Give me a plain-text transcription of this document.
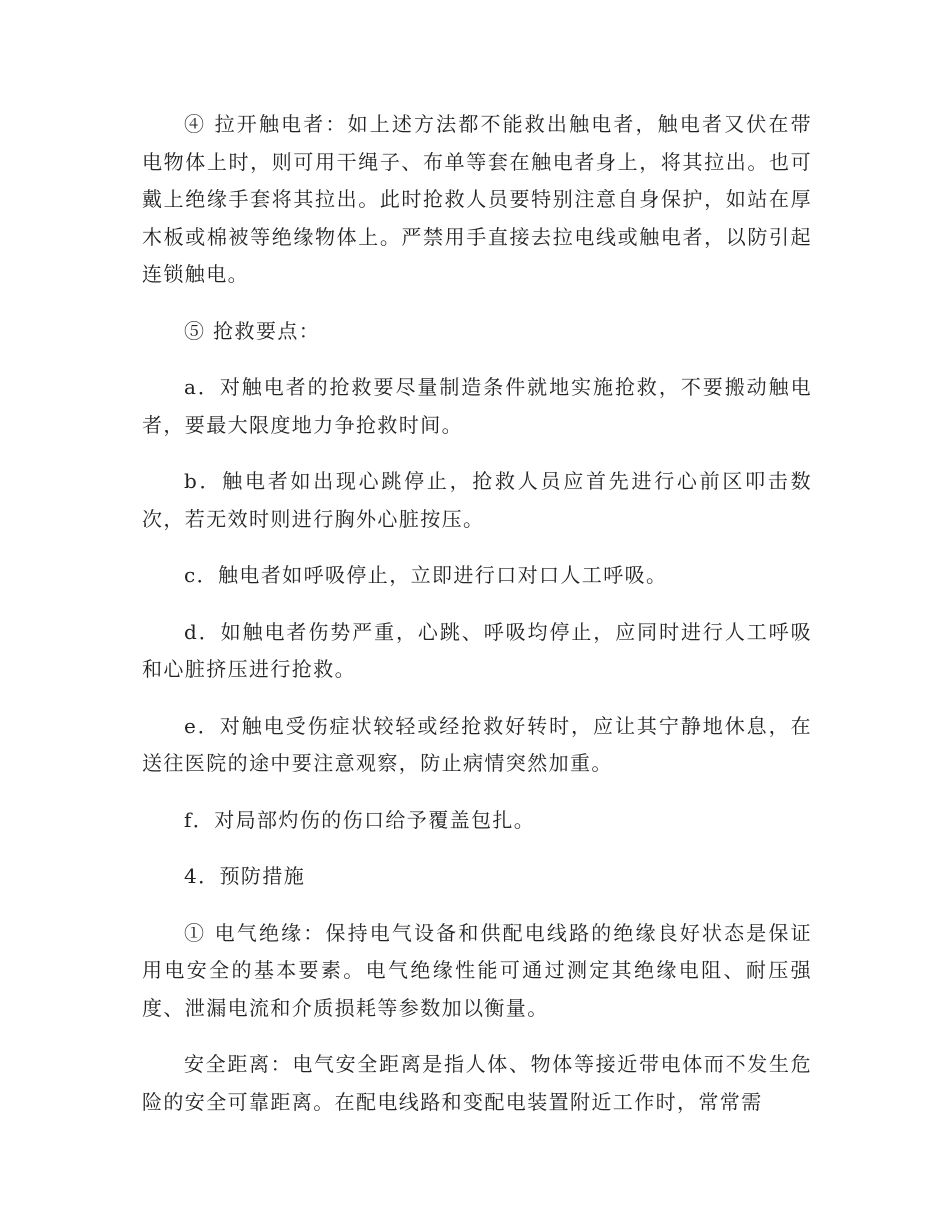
④ 拉开触电者：如上述方法都不能救出触电者，触电者又伏在带电物体上时，则可用干绳子、布单等套在触电者身上，将其拉出。也可戴上绝缘手套将其拉出。此时抢救人员要特别注意自身保护，如站在厚木板或棉被等绝缘物体上。严禁用手直接去拉电线或触电者，以防引起连锁触电。

⑤ 抢救要点：

a．对触电者的抢救要尽量制造条件就地实施抢救，不要搬动触电者，要最大限度地力争抢救时间。

b．触电者如出现心跳停止，抢救人员应首先进行心前区叩击数次，若无效时则进行胸外心脏按压。

c．触电者如呼吸停止，立即进行口对口人工呼吸。

d．如触电者伤势严重，心跳、呼吸均停止，应同时进行人工呼吸和心脏挤压进行抢救。

e．对触电受伤症状较轻或经抢救好转时，应让其宁静地休息，在送往医院的途中要注意观察，防止病情突然加重。

f．对局部灼伤的伤口给予覆盖包扎。

4．预防措施

① 电气绝缘：保持电气设备和供配电线路的绝缘良好状态是保证用电安全的基本要素。电气绝缘性能可通过测定其绝缘电阻、耐压强度、泄漏电流和介质损耗等参数加以衡量。

安全距离：电气安全距离是指人体、物体等接近带电体而不发生危险的安全可靠距离。在配电线路和变配电装置附近工作时，常常需
